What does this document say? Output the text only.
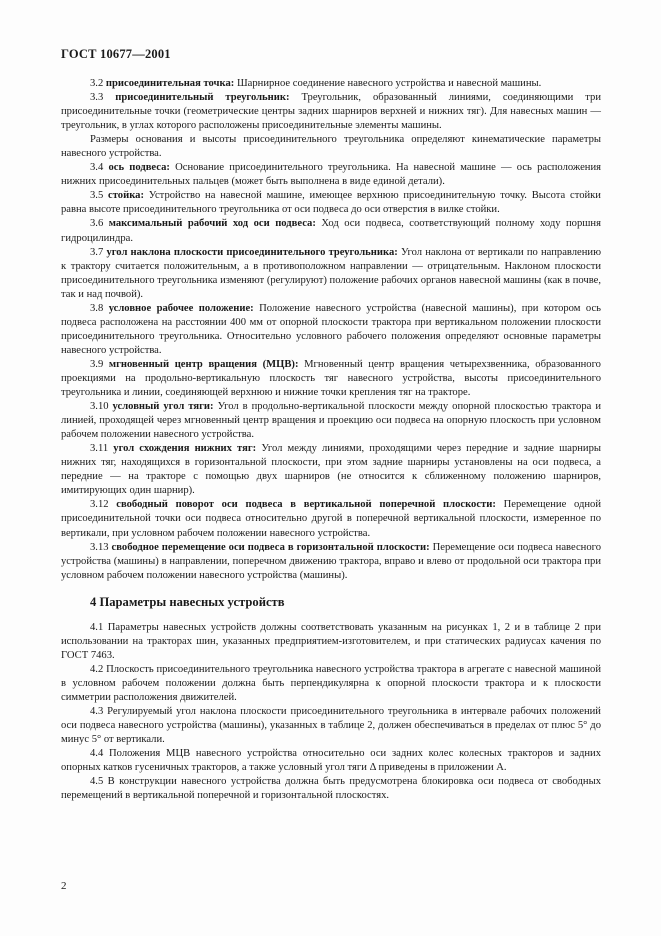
ГОСТ 10677—2001

3.2 присоединительная точка: Шарнирное соединение навесного устройства и навесной машины.

3.3 присоединительный треугольник: Треугольник, образованный линиями, соединяющими три присоединительные точки (геометрические центры задних шарниров верхней и нижних тяг). Для навесных машин — треугольник, в углах которого расположены присоединительные элементы машины.

Размеры основания и высоты присоединительного треугольника определяют кинематические параметры навесного устройства.

3.4 ось подвеса: Основание присоединительного треугольника. На навесной машине — ось расположения нижних присоединительных пальцев (может быть выполнена в виде единой детали).

3.5 стойка: Устройство на навесной машине, имеющее верхнюю присоединительную точку. Высота стойки равна высоте присоединительного треугольника от оси подвеса до оси отверстия в вилке стойки.

3.6 максимальный рабочий ход оси подвеса: Ход оси подвеса, соответствующий полному ходу поршня гидроцилиндра.

3.7 угол наклона плоскости присоединительного треугольника: Угол наклона от вертикали по направлению к трактору считается положительным, а в противоположном направлении — отрицательным. Наклоном плоскости присоединительного треугольника изменяют (регулируют) положение рабочих органов навесной машины (как в почве, так и над почвой).

3.8 условное рабочее положение: Положение навесного устройства (навесной машины), при котором ось подвеса расположена на расстоянии 400 мм от опорной плоскости трактора при вертикальном положении плоскости присоединительного треугольника. Относительно условного рабочего положения определяют основные параметры навесного устройства.

3.9 мгновенный центр вращения (МЦВ): Мгновенный центр вращения четырехзвенника, образованного проекциями на продольно-вертикальную плоскость тяг навесного устройства, высоты присоединительного треугольника и линии, соединяющей верхнюю и нижние точки крепления тяг на тракторе.

3.10 условный угол тяги: Угол в продольно-вертикальной плоскости между опорной плоскостью трактора и линией, проходящей через мгновенный центр вращения и проекцию оси подвеса на опорную плоскость при условном рабочем положении навесного устройства.

3.11 угол схождения нижних тяг: Угол между линиями, проходящими через передние и задние шарниры нижних тяг, находящихся в горизонтальной плоскости, при этом задние шарниры установлены на оси подвеса, а передние — на тракторе с помощью двух шарниров (не относится к сближенному положению шарниров, имитирующих один шарнир).

3.12 свободный поворот оси подвеса в вертикальной поперечной плоскости: Перемещение одной присоединительной точки оси подвеса относительно другой в поперечной вертикальной плоскости, измеренное по вертикали, при условном рабочем положении навесного устройства.

3.13 свободное перемещение оси подвеса в горизонтальной плоскости: Перемещение оси подвеса навесного устройства (машины) в направлении, поперечном движению трактора, вправо и влево от продольной оси трактора при условном рабочем положении навесного устройства (машины).

4 Параметры навесных устройств

4.1 Параметры навесных устройств должны соответствовать указанным на рисунках 1, 2 и в таблице 2 при использовании на тракторах шин, указанных предприятием-изготовителем, и при статических радиусах качения по ГОСТ 7463.

4.2 Плоскость присоединительного треугольника навесного устройства трактора в агрегате с навесной машиной в условном рабочем положении должна быть перпендикулярна к опорной плоскости трактора и к плоскости симметрии расположения движителей.

4.3 Регулируемый угол наклона плоскости присоединительного треугольника в интервале рабочих положений оси подвеса навесного устройства (машины), указанных в таблице 2, должен обеспечиваться в пределах от плюс 5° до минус 5° от вертикали.

4.4 Положения МЦВ навесного устройства относительно оси задних колес колесных тракторов и задних опорных катков гусеничных тракторов, а также условный угол тяги Δ приведены в приложении А.

4.5 В конструкции навесного устройства должна быть предусмотрена блокировка оси подвеса от свободных перемещений в вертикальной поперечной и горизонтальной плоскостях.

2
